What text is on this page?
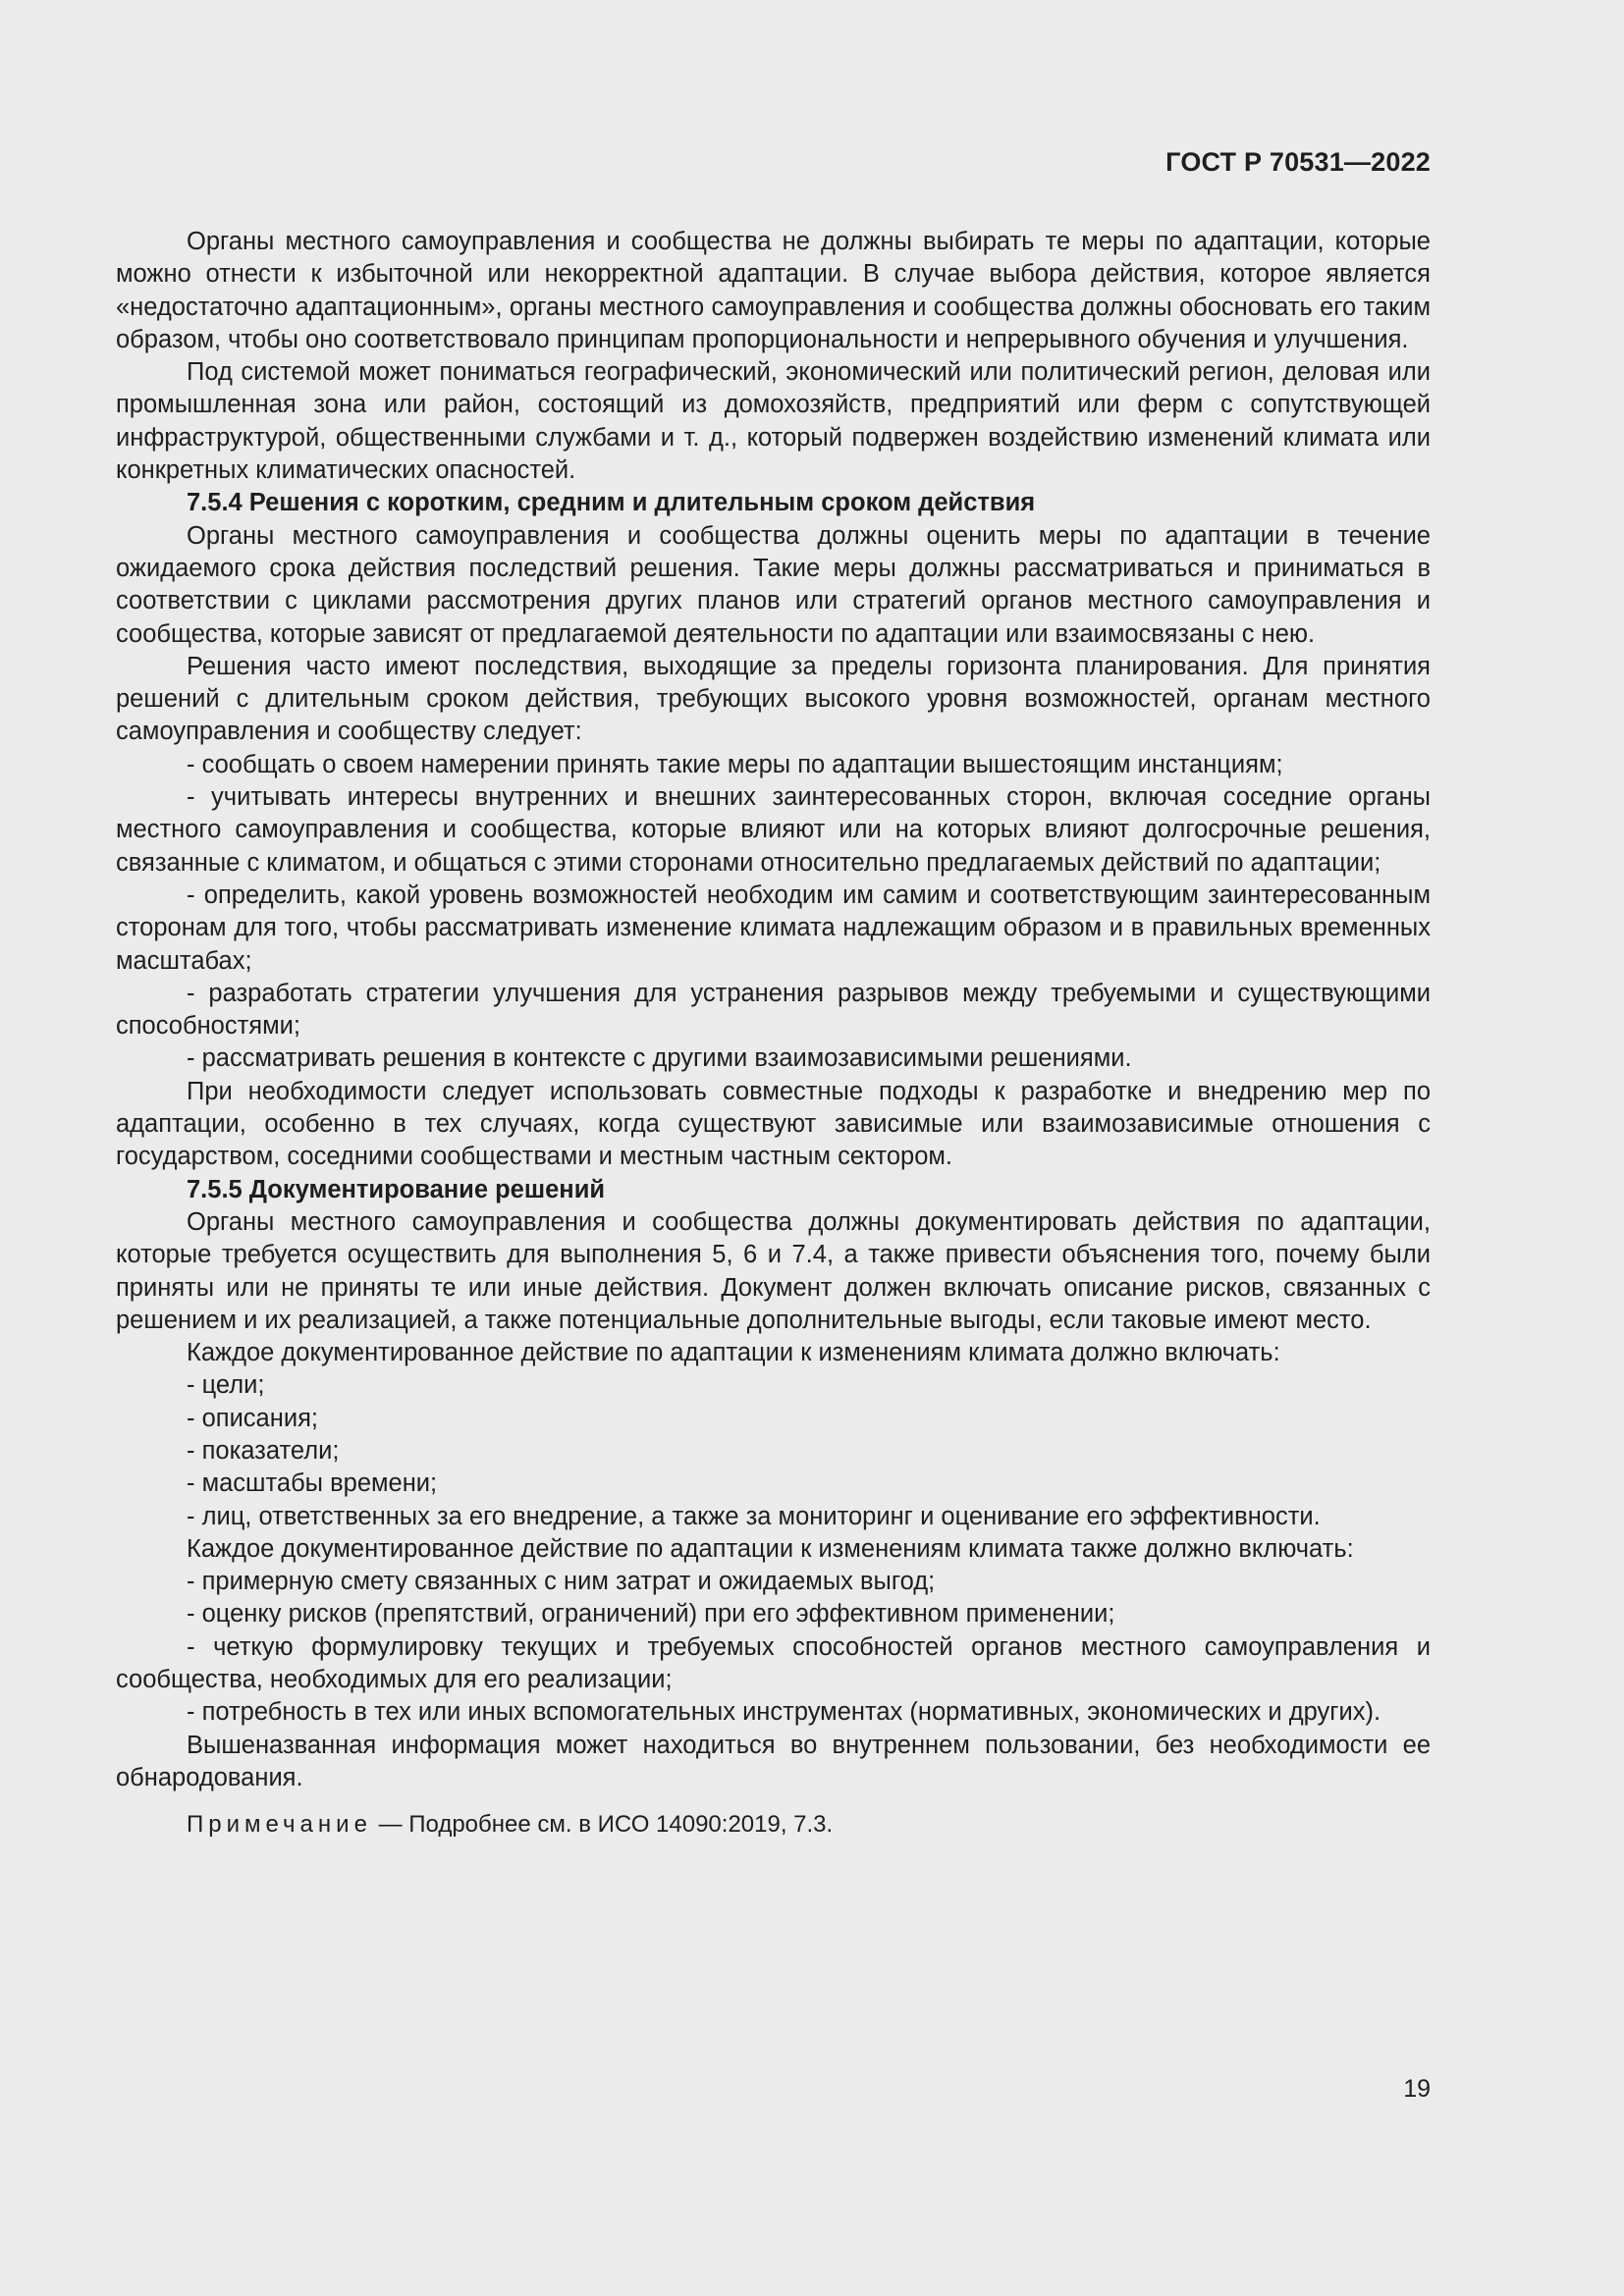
ГОСТ Р 70531—2022

Органы местного самоуправления и сообщества не должны выбирать те меры по адаптации, которые можно отнести к избыточной или некорректной адаптации. В случае выбора действия, которое является «недостаточно адаптационным», органы местного самоуправления и сообщества должны обосновать его таким образом, чтобы оно соответствовало принципам пропорциональности и непрерывного обучения и улучшения.

Под системой может пониматься географический, экономический или политический регион, деловая или промышленная зона или район, состоящий из домохозяйств, предприятий или ферм с сопутствующей инфраструктурой, общественными службами и т. д., который подвержен воздействию изменений климата или конкретных климатических опасностей.

7.5.4 Решения с коротким, средним и длительным сроком действия

Органы местного самоуправления и сообщества должны оценить меры по адаптации в течение ожидаемого срока действия последствий решения. Такие меры должны рассматриваться и приниматься в соответствии с циклами рассмотрения других планов или стратегий органов местного самоуправления и сообщества, которые зависят от предлагаемой деятельности по адаптации или взаимосвязаны с нею.

Решения часто имеют последствия, выходящие за пределы горизонта планирования. Для принятия решений с длительным сроком действия, требующих высокого уровня возможностей, органам местного самоуправления и сообществу следует:

- сообщать о своем намерении принять такие меры по адаптации вышестоящим инстанциям;

- учитывать интересы внутренних и внешних заинтересованных сторон, включая соседние органы местного самоуправления и сообщества, которые влияют или на которых влияют долгосрочные решения, связанные с климатом, и общаться с этими сторонами относительно предлагаемых действий по адаптации;

- определить, какой уровень возможностей необходим им самим и соответствующим заинтересованным сторонам для того, чтобы рассматривать изменение климата надлежащим образом и в правильных временных масштабах;

- разработать стратегии улучшения для устранения разрывов между требуемыми и существующими способностями;

- рассматривать решения в контексте с другими взаимозависимыми решениями.

При необходимости следует использовать совместные подходы к разработке и внедрению мер по адаптации, особенно в тех случаях, когда существуют зависимые или взаимозависимые отношения с государством, соседними сообществами и местным частным сектором.

7.5.5 Документирование решений

Органы местного самоуправления и сообщества должны документировать действия по адаптации, которые требуется осуществить для выполнения 5, 6 и 7.4, а также привести объяснения того, почему были приняты или не приняты те или иные действия. Документ должен включать описание рисков, связанных с решением и их реализацией, а также потенциальные дополнительные выгоды, если таковые имеют место.

Каждое документированное действие по адаптации к изменениям климата должно включать:

- цели;

- описания;

- показатели;

- масштабы времени;

- лиц, ответственных за его внедрение, а также за мониторинг и оценивание его эффективности.

Каждое документированное действие по адаптации к изменениям климата также должно включать:

- примерную смету связанных с ним затрат и ожидаемых выгод;

- оценку рисков (препятствий, ограничений) при его эффективном применении;

- четкую формулировку текущих и требуемых способностей органов местного самоуправления и сообщества, необходимых для его реализации;

- потребность в тех или иных вспомогательных инструментах (нормативных, экономических и других).

Вышеназванная информация может находиться во внутреннем пользовании, без необходимости ее обнародования.

Примечание — Подробнее см. в ИСО 14090:2019, 7.3.

19
